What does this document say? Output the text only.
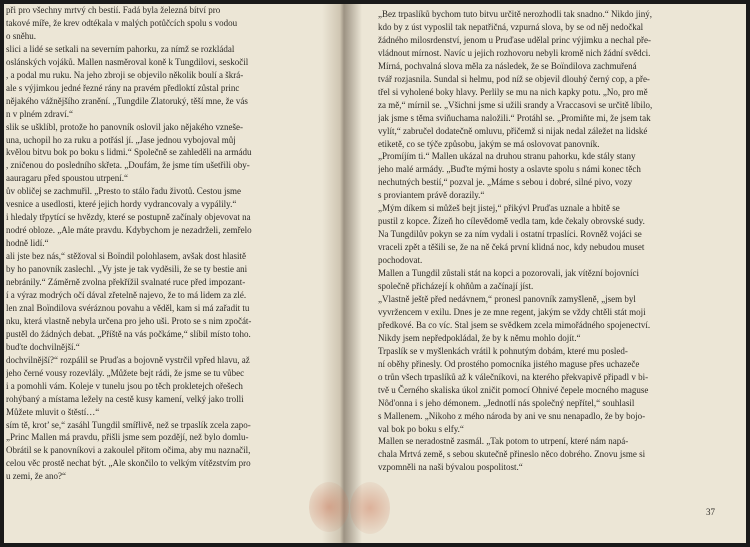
při pro všechny mrtvý ch bestií. Fadá byla železná bítví pro
takové míře, že krev odtékala v malých potůčcích spolu s vodou
o sněhu.
slici a lidé se setkali na severním pahorku, za nímž se rozkládal
oslánských vojáků. Mallen nasměroval koně k Tungdilovi, seskočil
, a podal mu ruku. Na jeho zbroji se objevilo několik boulí a škrá-
ale s výjimkou jedné řezné rány na pravém předloktí zůstal princ
nějakého vážnějšího zranění. „Tungdile Zlatoruký, těší mne, že vás
n v plném zdraví.“
slik se ušklíbl, protože ho panovník oslovil jako nějakého vzneše-
una, uchopil ho za ruku a potřásl jí. „Jase jednou vybojoval můj
kvělou bitvu bok po boku s lidmi.“ Společně se zahleděli na armádu
, zničenou do posledního skřeta. „Doufám, že jsme tím ušetřili oby-
aauragaru před spoustou utrpení.“
ův obličej se zachmuřil. „Presto to stálo řadu životů. Cestou jsme
vesnice a usedlosti, které jejich hordy vydrancovaly a vypálily.“
i hledaly třpytící se hvězdy, které se postupně začínaly objevovat na
nodré obloze. „Ale máte pravdu. Kdybychom je nezadrželi, zemřelo
hodně lidí.“
ali jste bez nás,“ stěžoval si Boïndil polohlasem, avšak dost hlasitě
by ho panovník zaslechl. „Vy jste je tak vyděsili, že se ty bestie ani
nebránily.“ Záměrně zvolna překřížil svalnaté ruce před impozant-
í a výraz modrých očí dával zřetelně najevo, že to má lidem za zlé.
len znal Boïndilova svéráznou povahu a věděl, kam si má zařadit tu
nku, která vlastně nebyla určena pro jeho uši. Proto se s nim zpočát-
pustěl do žádných debat. „Příště na vás počkáme,“ slíbil místo toho.
buďte dochvilnější.“
dochvilnější?“ rozpálil se Pruďas a bojovně vystrčil vpřed hlavu, až
jeho černé vousy rozevlály. „Můžete bejt rádi, že jsme se tu vůbec
i a pomohli vám. Koleje v tunelu jsou po těch prokletejch ořešech
rohýbaný a místama ležely na cestě kusy kamení, velký jako trolli
Můžete mluvit o štěstí…“
sím tě, krot’ se,“ zasáhl Tungdil smířlivě, než se trpaslík zcela zapo-
„Princ Mallen má pravdu, přišli jsme sem pozdějí, než bylo domlu-
Obrátil se k panovníkovi a zakoulel přitom očima, aby mu naznačil,
celou věc prostě nechat být. „Ale skončilo to velkým vítězstvím pro
u zemi, že ano?“
„Bez trpaslíků bychom tuto bitvu určitě nerozhodli tak snadno.“ Nikdo jiný,
kdo by z úst vyposlil tak nepatřičná, vzpurná slova, by se od něj nedočkal
žádného milosrdenství, jenom u Pruďase udělal princ výjimku a nechal pře-
vládnout mírnost. Navíc u jejich rozhovoru nebyli kromě nich žádní svědci.
Mírná, pochvalná slova měla za následek, že se Boïndilova zachmuřená
tvář rozjasnila. Sundal si helmu, pod níž se objevil dlouhý černý cop, a pře-
třel si vyholené boky hlavy. Perlily se mu na nich kapky potu. „No, pro mě
za mě,“ mírnil se. „Všichni jsme si užili srandy a Vraccasovi se určitě líbilo,
jak jsme s těma sviňuchama naložili.“ Protáhl se. „Promiňte mi, že jsem tak
vylít,“ zabručel dodatečně omluvu, přičemž si nijak nedal záležet na lidské
etiketě, co se týče způsobu, jakým se má oslovovat panovník.
„Promíjím ti.“ Mallen ukázal na druhou stranu pahorku, kde stály stany
jeho malé armády. „Buďte mými hosty a oslavte spolu s námi konec těch
nechutných bestií,“ pozval je. „Máme s sebou i dobré, silné pivo, vozy
s proviantem právě dorazily.“
„Mým díkem si můžeš bejt jistej,“ přikývl Pruďas uznale a hbitě se
pustil z kopce. Žízeň ho cílevědomě vedla tam, kde čekaly obrovské sudy.
Na Tungdilův pokyn se za ním vydali i ostatní trpaslíci. Rovněž vojáci se
vraceli zpět a těšili se, že na ně čeká první klidná noc, kdy nebudou muset
pochodovat.
Mallen a Tungdil zůstali stát na kopci a pozorovali, jak vítězní bojovníci
společně přicházejí k ohňům a začínají jíst.
„Vlastně ještě před nedávnem,“ pronesl panovník zamyšleně, „jsem byl
vyvržencem v exilu. Dnes je ze mne regent, jakým se vždy chtěli stát moji
předkové. Ba co víc. Stal jsem se svědkem zcela mimořádného spojenectví.
Nikdy jsem nepředpokládal, že by k němu mohlo dojít.“
Trpaslík se v myšlenkách vrátil k pohnutým dobám, které mu posled-
ní oběhy přinesly. Od prostého pomocníka jistého maguse přes uchazeče
o trůn všech trpaslíků až k válečníkovi, na kterého překvapivě připadl v bi-
tvě u Černého skaliska úkol zničit pomocí Ohnivé čepele mocného maguse
Nôd'onna i s jeho démonem. „Jednotlí nás společný nepřítel,“ souhlasil
s Mallenem. „Nikoho z mého národa by ani ve snu nenapadlo, že by bojo-
val bok po boku s elfy.“
Mallen se neradostně zasmál. „Tak potom to utrpení, které nám napá-
chala Mrtvá země, s sebou skutečně přineslo něco dobrého. Znovu jsme si
vzpomněli na naši bývalou pospolitost.“
37
